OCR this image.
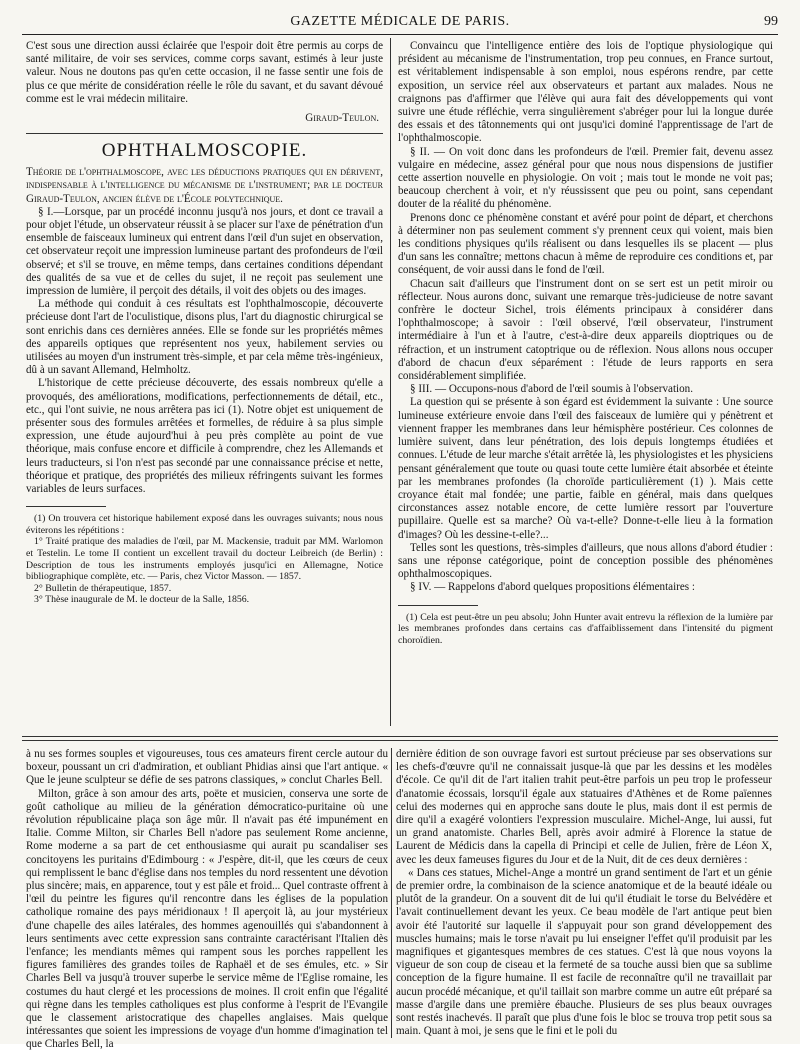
GAZETTE MÉDICALE DE PARIS.	99

C'est sous une direction aussi éclairée que l'espoir doit être permis au corps de santé militaire, de voir ses services, comme corps savant, estimés à leur juste valeur. Nous ne doutons pas qu'en cette occasion, il ne fasse sentir une fois de plus ce que mérite de considération réelle le rôle du savant, et du savant dévoué comme est le vrai médecin militaire.

Giraud-Teulon.
OPHTHALMOSCOPIE.

Théorie de l'ophthalmoscope, avec les déductions pratiques qui en dérivent, indispensable à l'intelligence du mécanisme de l'instrument; par le docteur Giraud-Teulon, ancien élève de l'École polytechnique.

§ I.—Lorsque, par un procédé inconnu jusqu'à nos jours, et dont ce travail a pour objet l'étude, un observateur réussit à se placer sur l'axe de pénétration d'un ensemble de faisceaux lumineux qui entrent dans l'œil d'un sujet en observation, cet observateur reçoit une impression lumineuse partant des profondeurs de l'œil observé; et s'il se trouve, en même temps, dans certaines conditions dépendant des qualités de sa vue et de celles du sujet, il ne reçoit pas seulement une impression de lumière, il perçoit des détails, il voit des objets ou des images.

La méthode qui conduit à ces résultats est l'ophthalmoscopie, découverte précieuse dont l'art de l'oculistique, disons plus, l'art du diagnostic chirurgical se sont enrichis dans ces dernières années. Elle se fonde sur les propriétés mêmes des appareils optiques que représentent nos yeux, habilement servies ou utilisées au moyen d'un instrument très-simple, et par cela même très-ingénieux, dû à un savant Allemand, Helmholtz.

L'historique de cette précieuse découverte, des essais nombreux qu'elle a provoqués, des améliorations, modifications, perfectionnements de détail, etc., etc., qui l'ont suivie, ne nous arrêtera pas ici (1). Notre objet est uniquement de présenter sous des formules arrêtées et formelles, de réduire à sa plus simple expression, une étude aujourd'hui à peu près complète au point de vue théorique, mais confuse encore et difficile à comprendre, chez les Allemands et leurs traducteurs, si l'on n'est pas secondé par une connaissance précise et nette, théorique et pratique, des propriétés des milieux réfringents suivant les formes variables de leurs surfaces.

(1) On trouvera cet historique habilement exposé dans les ouvrages suivants; nous nous éviterons les répétitions :

1° Traité pratique des maladies de l'œil, par M. Mackensie, traduit par MM. Warlomon et Testelin. Le tome II contient un excellent travail du docteur Leibreich (de Berlin) : Description de tous les instruments employés jusqu'ici en Allemagne, Notice bibliographique complète, etc. — Paris, chez Victor Masson. — 1857.

2° Bulletin de thérapeutique, 1857.

3° Thèse inaugurale de M. le docteur de la Salle, 1856.

Convaincu que l'intelligence entière des lois de l'optique physiologique qui président au mécanisme de l'instrumentation, trop peu connues, en France surtout, est véritablement indispensable à son emploi, nous espérons rendre, par cette exposition, un service réel aux observateurs et partant aux malades. Nous ne craignons pas d'affirmer que l'élève qui aura fait des développements qui vont suivre une étude réfléchie, verra singulièrement s'abréger pour lui la longue durée des essais et des tâtonnements qui ont jusqu'ici dominé l'apprentissage de l'art de l'ophthalmoscopie.

§ II. — On voit donc dans les profondeurs de l'œil. Premier fait, devenu assez vulgaire en médecine, assez général pour que nous nous dispensions de justifier cette assertion nouvelle en physiologie. On voit ; mais tout le monde ne voit pas; beaucoup cherchent à voir, et n'y réussissent que peu ou point, sans cependant douter de la réalité du phénomène.

Prenons donc ce phénomène constant et avéré pour point de départ, et cherchons à déterminer non pas seulement comment s'y prennent ceux qui voient, mais bien les conditions physiques qu'ils réalisent ou dans lesquelles ils se placent — plus d'un sans les connaître; mettons chacun à même de reproduire ces conditions et, par conséquent, de voir aussi dans le fond de l'œil.

Chacun sait d'ailleurs que l'instrument dont on se sert est un petit miroir ou réflecteur. Nous aurons donc, suivant une remarque très-judicieuse de notre savant confrère le docteur Sichel, trois éléments principaux à considérer dans l'ophthalmoscope; à savoir : l'œil observé, l'œil observateur, l'instrument intermédiaire à l'un et à l'autre, c'est-à-dire deux appareils dioptriques ou de réfraction, et un instrument catoptrique ou de réflexion. Nous allons nous occuper d'abord de chacun d'eux séparément : l'étude de leurs rapports en sera considérablement simplifiée.

§ III. — Occupons-nous d'abord de l'œil soumis à l'observation.

La question qui se présente à son égard est évidemment la suivante : Une source lumineuse extérieure envoie dans l'œil des faisceaux de lumière qui y pénètrent et viennent frapper les membranes dans leur hémisphère postérieur. Ces colonnes de lumière suivent, dans leur pénétration, des lois depuis longtemps étudiées et connues. L'étude de leur marche s'était arrêtée là, les physiologistes et les physiciens pensant généralement que toute ou quasi toute cette lumière était absorbée et éteinte par les membranes profondes (la choroïde particulièrement (1) ). Mais cette croyance était mal fondée; une partie, faible en général, mais dans quelques circonstances assez notable encore, de cette lumière ressort par l'ouverture pupillaire. Quelle est sa marche? Où va-t-elle? Donne-t-elle lieu à la formation d'images? Où les dessine-t-elle?...

Telles sont les questions, très-simples d'ailleurs, que nous allons d'abord étudier : sans une réponse catégorique, point de conception possible des phénomènes ophthalmoscopiques.

§ IV. — Rappelons d'abord quelques propositions élémentaires :

(1) Cela est peut-être un peu absolu; John Hunter avait entrevu la réflexion de la lumière par les membranes profondes dans certains cas d'affaiblissement dans l'intensité du pigment choroïdien.

à nu ses formes souples et vigoureuses, tous ces amateurs firent cercle autour du boxeur, poussant un cri d'admiration, et oubliant Phidias ainsi que l'art antique. « Que le jeune sculpteur se défie de ses patrons classiques, » conclut Charles Bell.

Milton, grâce à son amour des arts, poëte et musicien, conserva une sorte de goût catholique au milieu de la génération démocratico-puritaine où une révolution républicaine plaça son âge mûr. Il n'avait pas été impunément en Italie. Comme Milton, sir Charles Bell n'adore pas seulement Rome ancienne, Rome moderne a sa part de cet enthousiasme qui aurait pu scandaliser ses concitoyens les puritains d'Edimbourg : « J'espère, dit-il, que les cœurs de ceux qui remplissent le banc d'église dans nos temples du nord ressentent une dévotion plus sincère; mais, en apparence, tout y est pâle et froid... Quel contraste offrent à l'œil du peintre les figures qu'il rencontre dans les églises de la population catholique romaine des pays méridionaux ! Il aperçoit là, au jour mystérieux d'une chapelle des ailes latérales, des hommes agenouillés qui s'abandonnent à leurs sentiments avec cette expression sans contrainte caractérisant l'Italien dès l'enfance; les mendiants mêmes qui rampent sous les porches rappellent les figures familières des grandes toiles de Raphaël et de ses émules, etc. » Sir Charles Bell va jusqu'à trouver superbe le service même de l'Eglise romaine, les costumes du haut clergé et les processions de moines. Il croit enfin que l'égalité qui règne dans les temples catholiques est plus conforme à l'esprit de l'Evangile que le classement aristocratique des chapelles anglaises. Mais quelque intéressantes que soient les impressions de voyage d'un homme d'imagination tel que Charles Bell, la

dernière édition de son ouvrage favori est surtout précieuse par ses observations sur les chefs-d'œuvre qu'il ne connaissait jusque-là que par les dessins et les modèles d'école. Ce qu'il dit de l'art italien trahit peut-être parfois un peu trop le professeur d'anatomie écossais, lorsqu'il égale aux statuaires d'Athènes et de Rome païennes celui des modernes qui en approche sans doute le plus, mais dont il est permis de dire qu'il a exagéré volontiers l'expression musculaire. Michel-Ange, lui aussi, fut un grand anatomiste. Charles Bell, après avoir admiré à Florence la statue de Laurent de Médicis dans la capella di Principi et celle de Julien, frère de Léon X, avec les deux fameuses figures du Jour et de la Nuit, dit de ces deux dernières :

« Dans ces statues, Michel-Ange a montré un grand sentiment de l'art et un génie de premier ordre, la combinaison de la science anatomique et de la beauté idéale ou plutôt de la grandeur. On a souvent dit de lui qu'il étudiait le torse du Belvédère et l'avait continuellement devant les yeux. Ce beau modèle de l'art antique peut bien avoir été l'autorité sur laquelle il s'appuyait pour son grand développement des muscles humains; mais le torse n'avait pu lui enseigner l'effet qu'il produisit par les magnifiques et gigantesques membres de ces statues. C'est là que nous voyons la vigueur de son coup de ciseau et la fermeté de sa touche aussi bien que sa sublime conception de la figure humaine. Il est facile de reconnaître qu'il ne travaillait par aucun procédé mécanique, et qu'il taillait son marbre comme un autre eût préparé sa masse d'argile dans une première ébauche. Plusieurs de ses plus beaux ouvrages sont restés inachevés. Il paraît que plus d'une fois le bloc se trouva trop petit sous sa main. Quant à moi, je sens que le fini et le poli du
